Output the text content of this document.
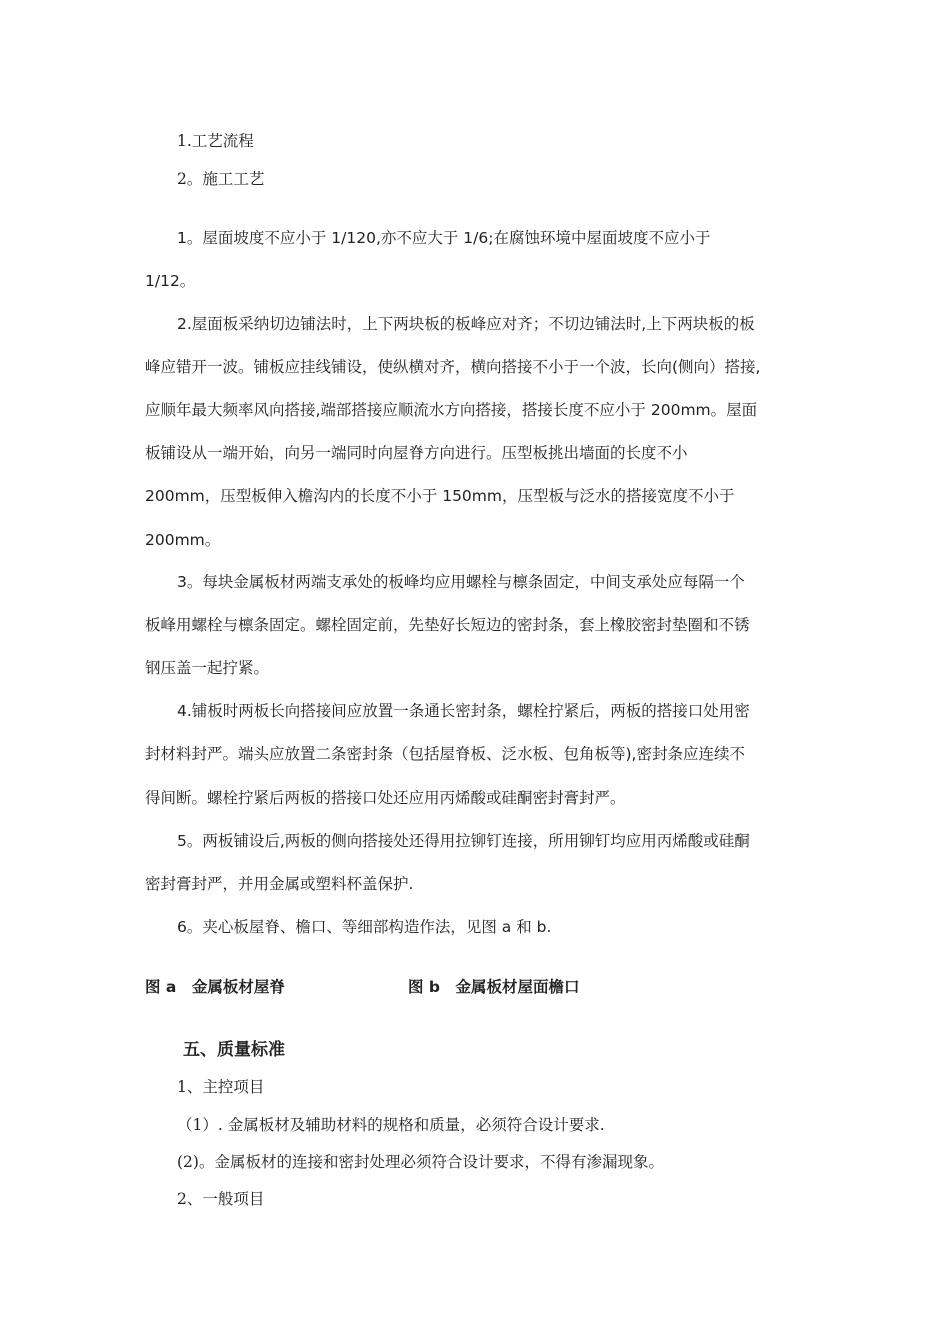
1.工艺流程
2。施工工艺
1。屋面坡度不应小于 1/120,亦不应大于 1/6;在腐蚀环境中屋面坡度不应小于
1/12。
2.屋面板采纳切边铺法时，上下两块板的板峰应对齐；不切边铺法时,上下两块板的板
峰应错开一波。铺板应挂线铺设，使纵横对齐，横向搭接不小于一个波，长向(侧向）搭接,
应顺年最大频率风向搭接,端部搭接应顺流水方向搭接，搭接长度不应小于 200mm。屋面
板铺设从一端开始，向另一端同时向屋脊方向进行。压型板挑出墙面的长度不小
200mm，压型板伸入檐沟内的长度不小于 150mm，压型板与泛水的搭接宽度不小于
200mm。
3。每块金属板材两端支承处的板峰均应用螺栓与檩条固定，中间支承处应每隔一个
板峰用螺栓与檩条固定。螺栓固定前，先垫好长短边的密封条，套上橡胶密封垫圈和不锈
钢压盖一起拧紧。
4.铺板时两板长向搭接间应放置一条通长密封条，螺栓拧紧后，两板的搭接口处用密
封材料封严。端头应放置二条密封条（包括屋脊板、泛水板、包角板等),密封条应连续不
得间断。螺栓拧紧后两板的搭接口处还应用丙烯酸或硅酮密封膏封严。
5。两板铺设后,两板的侧向搭接处还得用拉铆钉连接，所用铆钉均应用丙烯酸或硅酮
密封膏封严，并用金属或塑料杯盖保护.
6。夹心板屋脊、檐口、等细部构造作法，见图 a 和 b.
图 a　金属板材屋脊	图 b　金属板材屋面檐口
五、质量标准
1、主控项目
（1）. 金属板材及辅助材料的规格和质量，必须符合设计要求.
(2)。金属板材的连接和密封处理必须符合设计要求，不得有渗漏现象。
2、一般项目
